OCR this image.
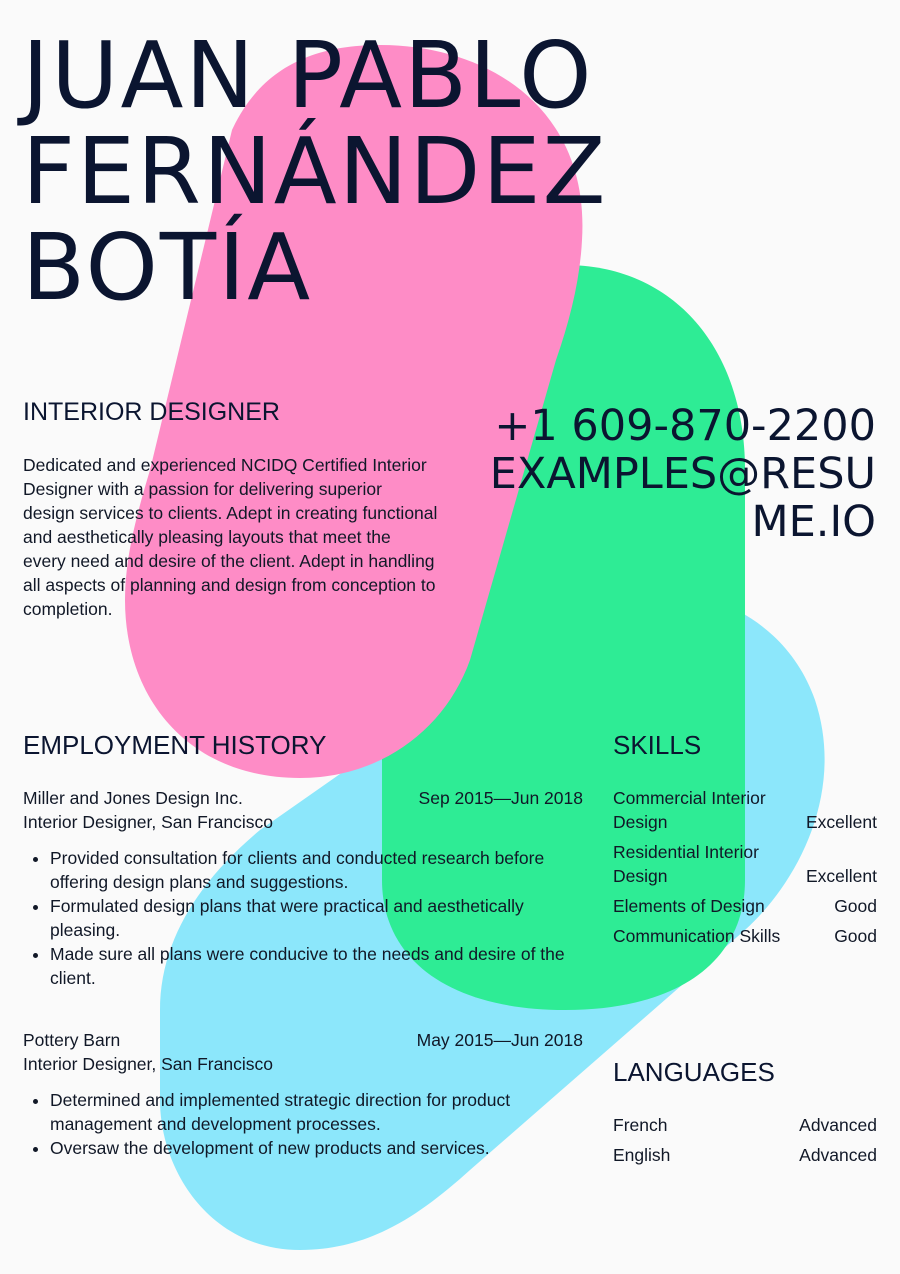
JUAN PABLO
FERNÁNDEZ
BOTÍA
INTERIOR DESIGNER
Dedicated and experienced NCIDQ Certified Interior Designer with a passion for delivering superior design services to clients. Adept in creating functional and aesthetically pleasing layouts that meet the every need and desire of the client. Adept in handling all aspects of planning and design from conception to completion.
+1 609-870-2200
EXAMPLES@RESUME.IO
EMPLOYMENT HISTORY
Miller and Jones Design Inc.	Sep 2015—Jun 2018
Interior Designer, San Francisco
• Provided consultation for clients and conducted research before offering design plans and suggestions.
• Formulated design plans that were practical and aesthetically pleasing.
• Made sure all plans were conducive to the needs and desire of the client.
Pottery Barn	May 2015—Jun 2018
Interior Designer, San Francisco
• Determined and implemented strategic direction for product management and development processes.
• Oversaw the development of new products and services.
SKILLS
Commercial Interior Design	Excellent
Residential Interior Design	Excellent
Elements of Design	Good
Communication Skills	Good
LANGUAGES
French	Advanced
English	Advanced
